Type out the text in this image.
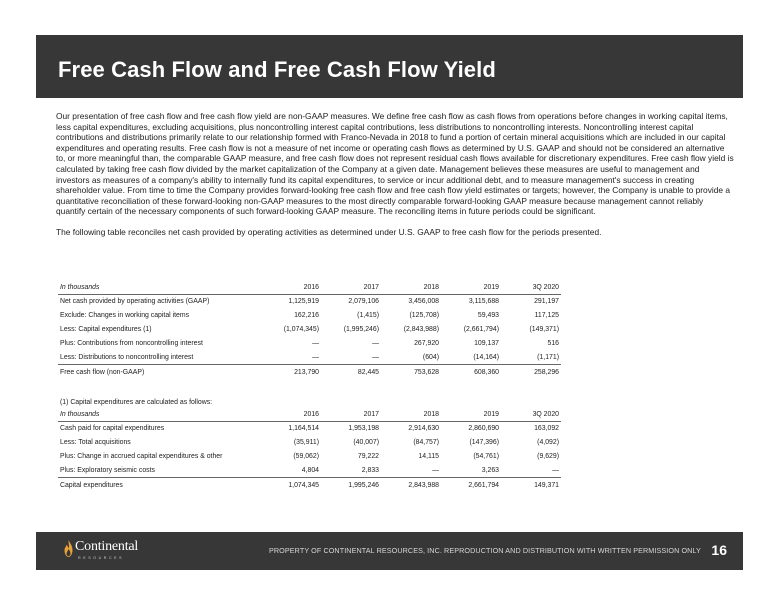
Free Cash Flow and Free Cash Flow Yield

Our presentation of free cash flow and free cash flow yield are non-GAAP measures. We define free cash flow as cash flows from operations before changes in working capital items, less capital expenditures, excluding acquisitions, plus noncontrolling interest capital contributions, less distributions to noncontrolling interests. Noncontrolling interest capital contributions and distributions primarily relate to our relationship formed with Franco-Nevada in 2018 to fund a portion of certain mineral acquisitions which are included in our capital expenditures and operating results. Free cash flow is not a measure of net income or operating cash flows as determined by U.S. GAAP and should not be considered an alternative to, or more meaningful than, the comparable GAAP measure, and free cash flow does not represent residual cash flows available for discretionary expenditures. Free cash flow yield is calculated by taking free cash flow divided by the market capitalization of the Company at a given date. Management believes these measures are useful to management and investors as measures of a company's ability to internally fund its capital expenditures, to service or incur additional debt, and to measure management's success in creating shareholder value. From time to time the Company provides forward-looking free cash flow and free cash flow yield estimates or targets; however, the Company is unable to provide a quantitative reconciliation of these forward-looking non-GAAP measures to the most directly comparable forward-looking GAAP measure because management cannot reliably quantify certain of the necessary components of such forward-looking GAAP measure. The reconciling items in future periods could be significant.

The following table reconciles net cash provided by operating activities as determined under U.S. GAAP to free cash flow for the periods presented.

In thousands	2016	2017	2018	2019	3Q 2020
Net cash provided by operating activities (GAAP)	1,125,919	2,079,106	3,456,008	3,115,688	291,197
Exclude: Changes in working capital items	162,216	(1,415)	(125,708)	59,493	117,125
Less: Capital expenditures (1)	(1,074,345)	(1,995,246)	(2,843,988)	(2,661,794)	(149,371)
Plus: Contributions from noncontrolling interest	—	—	267,920	109,137	516
Less: Distributions to noncontrolling interest	—	—	(604)	(14,164)	(1,171)
Free cash flow (non-GAAP)	213,790	82,445	753,628	608,360	258,296
(1) Capital expenditures are calculated as follows:					
In thousands	2016	2017	2018	2019	3Q 2020
Cash paid for capital expenditures	1,164,514	1,953,198	2,914,630	2,860,690	163,092
Less: Total acquisitions	(35,911)	(40,007)	(84,757)	(147,396)	(4,092)
Plus: Change in accrued capital expenditures & other	(59,062)	79,222	14,115	(54,761)	(9,629)
Plus: Exploratory seismic costs	4,804	2,833	—	3,263	—
Capital expenditures	1,074,345	1,995,246	2,843,988	2,661,794	149,371
Continental
RESOURCES
PROPERTY OF CONTINENTAL RESOURCES, INC. REPRODUCTION AND DISTRIBUTION WITH WRITTEN PERMISSION ONLY 16
